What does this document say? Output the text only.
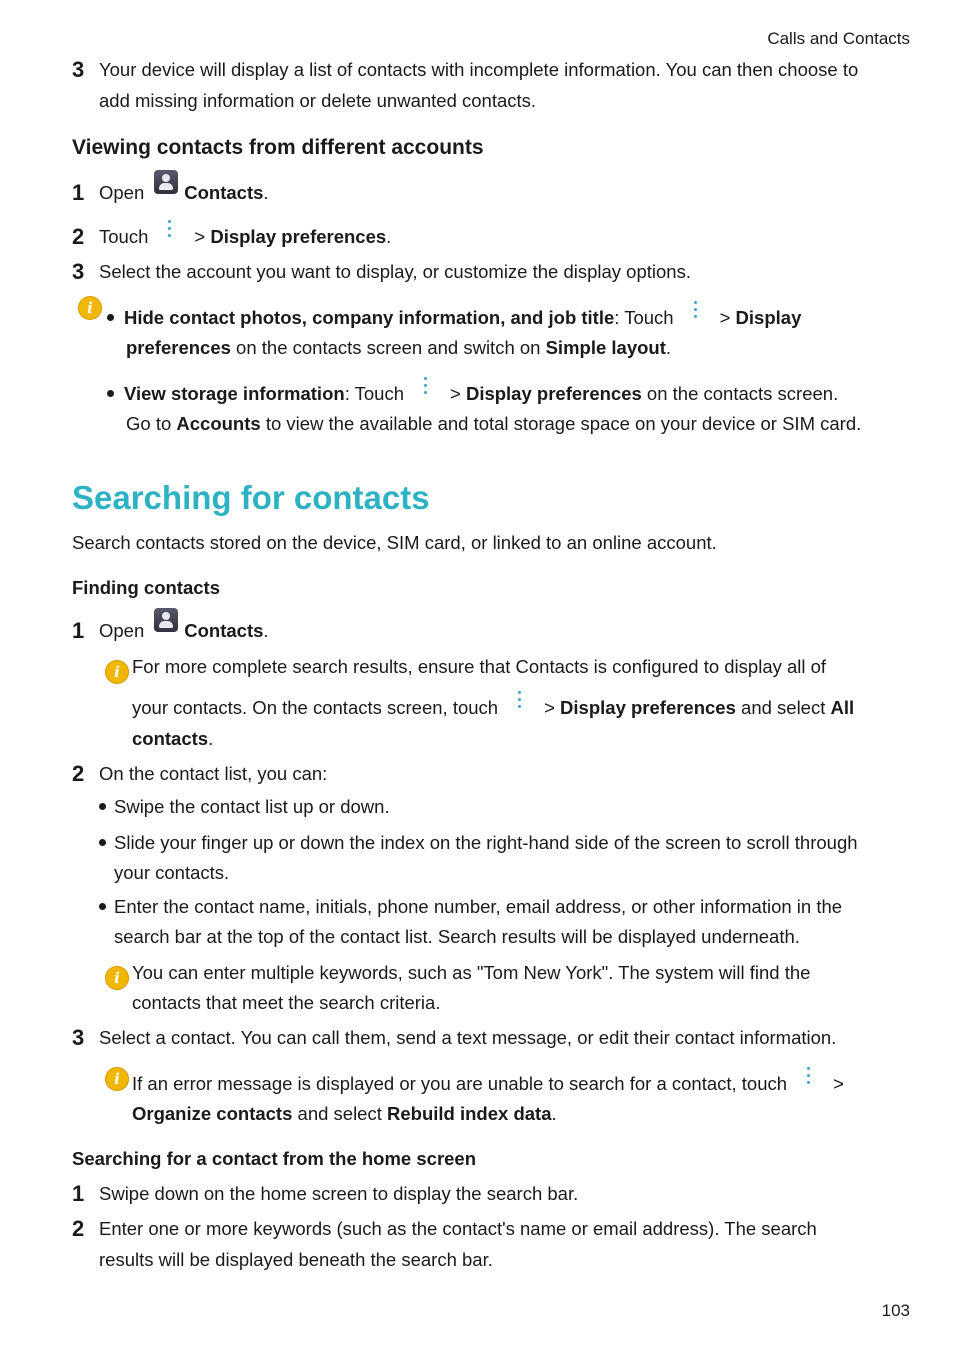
Calls and Contacts
3 Your device will display a list of contacts with incomplete information. You can then choose to
add missing information or delete unwanted contacts.
Viewing contacts from different accounts
1 Open Contacts.
2 Touch > Display preferences.
3 Select the account you want to display, or customize the display options.
i
Hide contact photos, company information, and job title: Touch > Display
preferences on the contacts screen and switch on Simple layout.
View storage information: Touch > Display preferences on the contacts screen.
Go to Accounts to view the available and total storage space on your device or SIM card.
Searching for contacts
Search contacts stored on the device, SIM card, or linked to an online account.
Finding contacts
1 Open Contacts.
i
For more complete search results, ensure that Contacts is configured to display all of
your contacts. On the contacts screen, touch > Display preferences and select All
contacts.
2 On the contact list, you can:
Swipe the contact list up or down.
Slide your finger up or down the index on the right-hand side of the screen to scroll through
your contacts.
Enter the contact name, initials, phone number, email address, or other information in the
search bar at the top of the contact list. Search results will be displayed underneath.
i
You can enter multiple keywords, such as "Tom New York". The system will find the
contacts that meet the search criteria.
3 Select a contact. You can call them, send a text message, or edit their contact information.
i
If an error message is displayed or you are unable to search for a contact, touch >
Organize contacts and select Rebuild index data.
Searching for a contact from the home screen
1 Swipe down on the home screen to display the search bar.
2 Enter one or more keywords (such as the contact's name or email address). The search
results will be displayed beneath the search bar.
103
